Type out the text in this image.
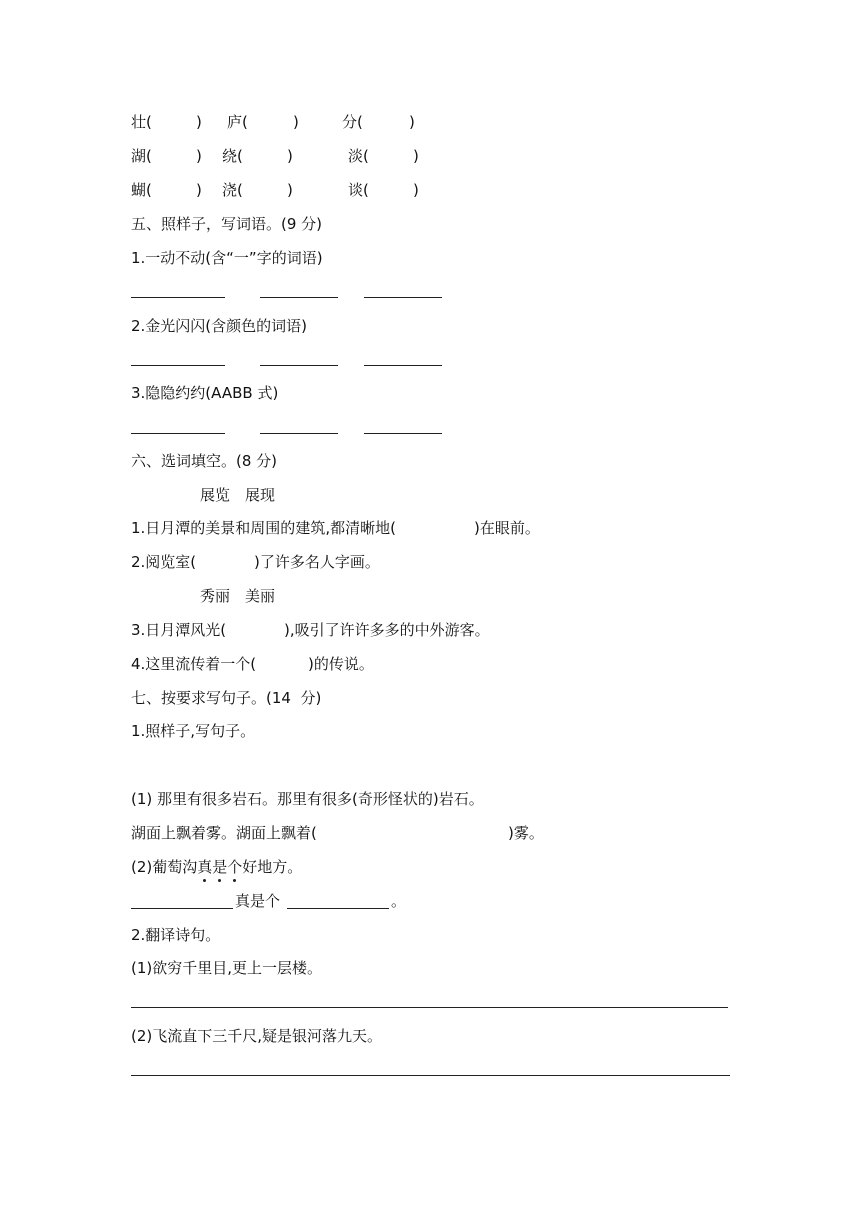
壮(	) 庐(	)	分(	)
湖(	) 绕(	)	淡(	)
蝴(	) 浇(	)	谈(	)
五、照样子，写词语。(9 分)
1.一动不动(含“一”字的词语)
2.金光闪闪(含颜色的词语)
3.隐隐约约(AABB 式)
六、选词填空。(8 分)
展览　展现
1.日月潭的美景和周围的建筑,都清晰地(	)在眼前。
2.阅览室(	)了许多名人字画。
秀丽　美丽
3.日月潭风光(	),吸引了许许多多的中外游客。
4.这里流传着一个(	)的传说。
七、按要求写句子。(14  分)
1.照样子,写句子。
(1) 那里有很多岩石。那里有很多(奇形怪状的)岩石。
湖面上飘着雾。湖面上飘着(	)雾。
(2)葡萄沟真是个好地方。
真是个	。
2.翻译诗句。
(1)欲穷千里目,更上一层楼。
(2)飞流直下三千尺,疑是银河落九天。
